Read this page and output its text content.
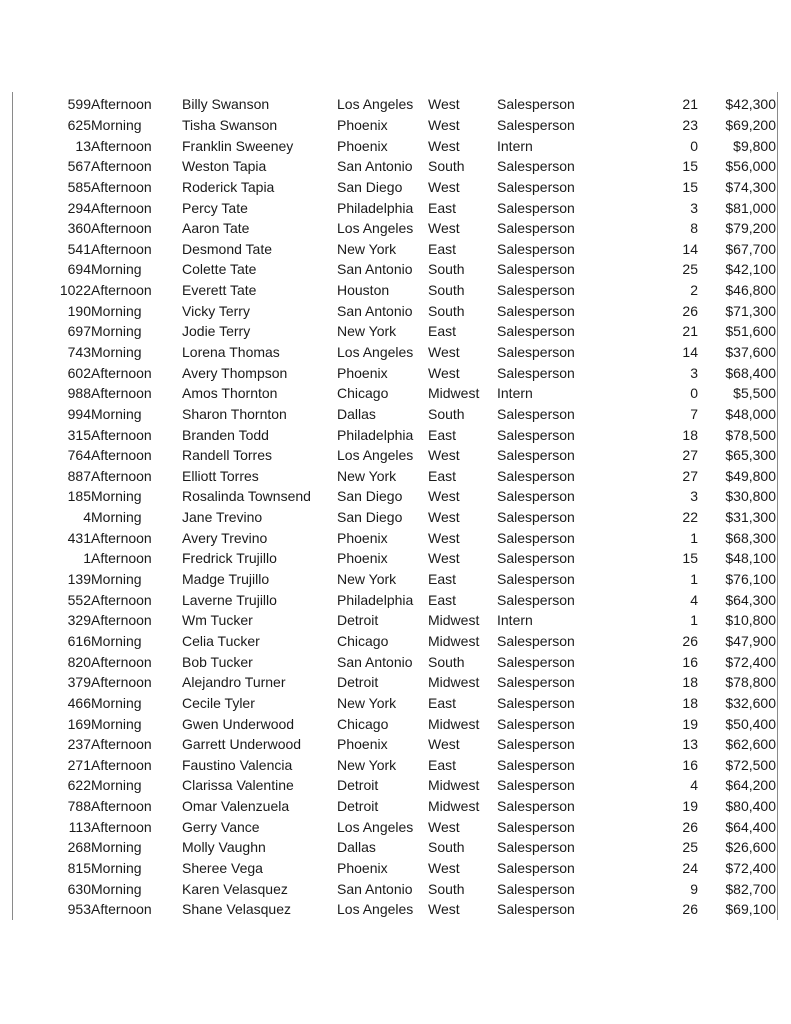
599	Afternoon	Billy Swanson	Los Angeles	West	Salesperson	21	$42,300
625	Morning	Tisha Swanson	Phoenix	West	Salesperson	23	$69,200
13	Afternoon	Franklin Sweeney	Phoenix	West	Intern	0	$9,800
567	Afternoon	Weston Tapia	San Antonio	South	Salesperson	15	$56,000
585	Afternoon	Roderick Tapia	San Diego	West	Salesperson	15	$74,300
294	Afternoon	Percy Tate	Philadelphia	East	Salesperson	3	$81,000
360	Afternoon	Aaron Tate	Los Angeles	West	Salesperson	8	$79,200
541	Afternoon	Desmond Tate	New York	East	Salesperson	14	$67,700
694	Morning	Colette Tate	San Antonio	South	Salesperson	25	$42,100
1022	Afternoon	Everett Tate	Houston	South	Salesperson	2	$46,800
190	Morning	Vicky Terry	San Antonio	South	Salesperson	26	$71,300
697	Morning	Jodie Terry	New York	East	Salesperson	21	$51,600
743	Morning	Lorena Thomas	Los Angeles	West	Salesperson	14	$37,600
602	Afternoon	Avery Thompson	Phoenix	West	Salesperson	3	$68,400
988	Afternoon	Amos Thornton	Chicago	Midwest	Intern	0	$5,500
994	Morning	Sharon Thornton	Dallas	South	Salesperson	7	$48,000
315	Afternoon	Branden Todd	Philadelphia	East	Salesperson	18	$78,500
764	Afternoon	Randell Torres	Los Angeles	West	Salesperson	27	$65,300
887	Afternoon	Elliott Torres	New York	East	Salesperson	27	$49,800
185	Morning	Rosalinda Townsend	San Diego	West	Salesperson	3	$30,800
4	Morning	Jane Trevino	San Diego	West	Salesperson	22	$31,300
431	Afternoon	Avery Trevino	Phoenix	West	Salesperson	1	$68,300
1	Afternoon	Fredrick Trujillo	Phoenix	West	Salesperson	15	$48,100
139	Morning	Madge Trujillo	New York	East	Salesperson	1	$76,100
552	Afternoon	Laverne Trujillo	Philadelphia	East	Salesperson	4	$64,300
329	Afternoon	Wm Tucker	Detroit	Midwest	Intern	1	$10,800
616	Morning	Celia Tucker	Chicago	Midwest	Salesperson	26	$47,900
820	Afternoon	Bob Tucker	San Antonio	South	Salesperson	16	$72,400
379	Afternoon	Alejandro Turner	Detroit	Midwest	Salesperson	18	$78,800
466	Morning	Cecile Tyler	New York	East	Salesperson	18	$32,600
169	Morning	Gwen Underwood	Chicago	Midwest	Salesperson	19	$50,400
237	Afternoon	Garrett Underwood	Phoenix	West	Salesperson	13	$62,600
271	Afternoon	Faustino Valencia	New York	East	Salesperson	16	$72,500
622	Morning	Clarissa Valentine	Detroit	Midwest	Salesperson	4	$64,200
788	Afternoon	Omar Valenzuela	Detroit	Midwest	Salesperson	19	$80,400
113	Afternoon	Gerry Vance	Los Angeles	West	Salesperson	26	$64,400
268	Morning	Molly Vaughn	Dallas	South	Salesperson	25	$26,600
815	Morning	Sheree Vega	Phoenix	West	Salesperson	24	$72,400
630	Morning	Karen Velasquez	San Antonio	South	Salesperson	9	$82,700
953	Afternoon	Shane Velasquez	Los Angeles	West	Salesperson	26	$69,100
